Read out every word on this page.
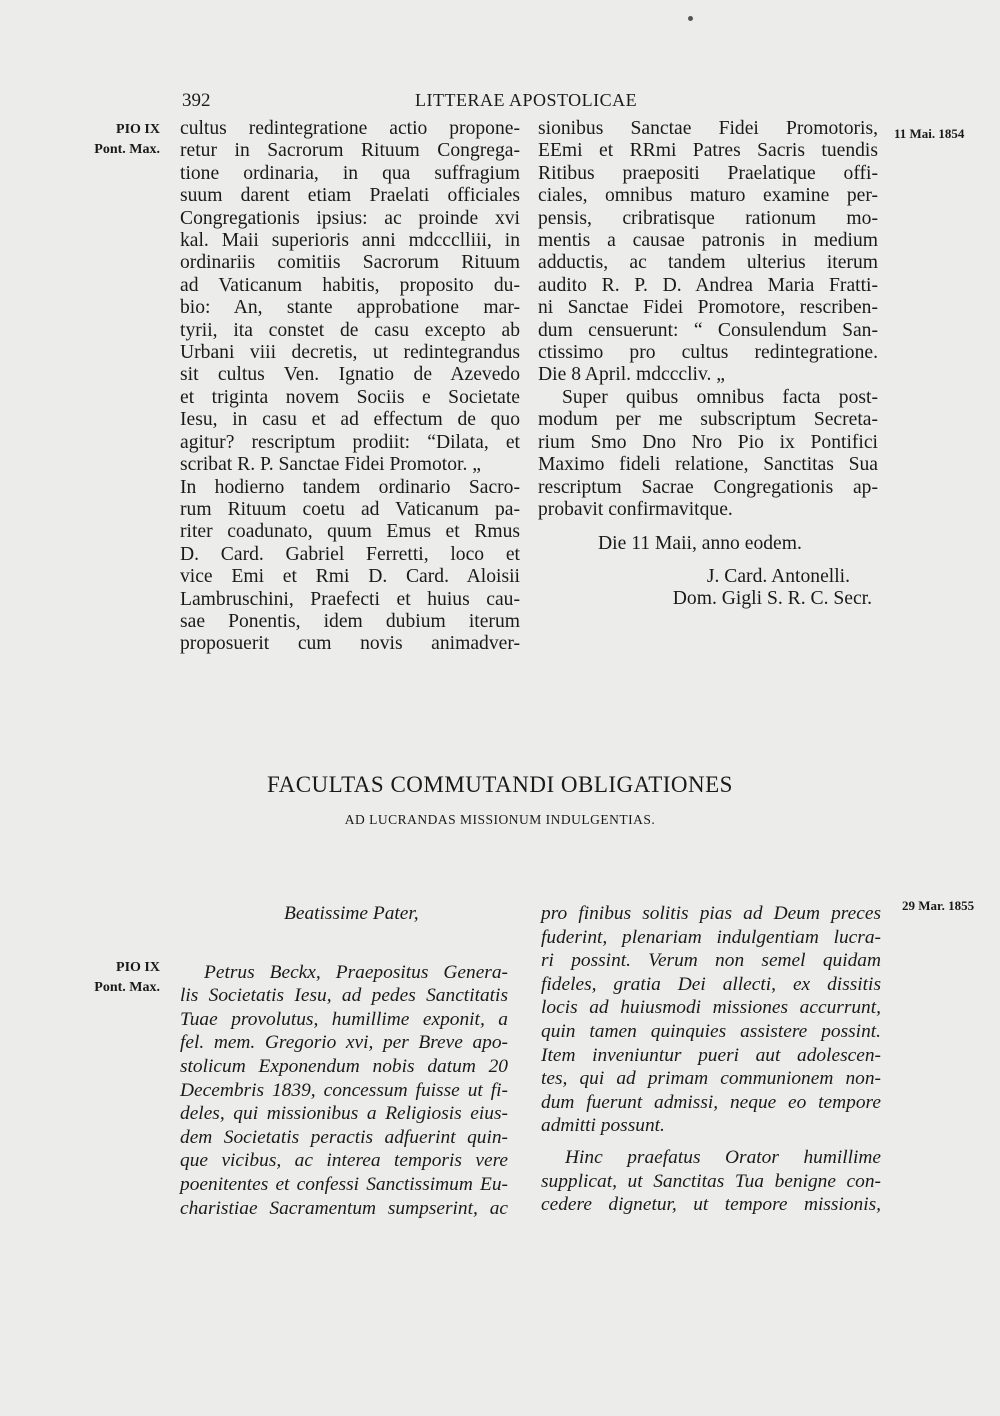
392	LITTERAE APOSTOLICAE
PIO IX
Pont. Max.
11 Mai. 1854
cultus redintegratione actio propone-
retur in Sacrorum Rituum Congrega-
tione ordinaria, in qua suffragium
suum darent etiam Praelati officiales
Congregationis ipsius: ac proinde xvi
kal. Maii superioris anni mdccclliii, in
ordinariis comitiis Sacrorum Rituum
ad Vaticanum habitis, proposito du-
bio: An, stante approbatione mar-
tyrii, ita constet de casu excepto ab
Urbani viii decretis, ut redintegrandus
sit cultus Ven. Ignatio de Azevedo
et triginta novem Sociis e Societate
Iesu, in casu et ad effectum de quo
agitur? rescriptum prodiit: “Dilata, et
scribat R. P. Sanctae Fidei Promotor. „
In hodierno tandem ordinario Sacro-
rum Rituum coetu ad Vaticanum pa-
riter coadunato, quum Emus et Rmus
D. Card. Gabriel Ferretti, loco et
vice Emi et Rmi D. Card. Aloisii
Lambruschini, Praefecti et huius cau-
sae Ponentis, idem dubium iterum
proposuerit cum novis animadver-
sionibus Sanctae Fidei Promotoris,
EEmi et RRmi Patres Sacris tuendis
Ritibus praepositi Praelatique offi-
ciales, omnibus maturo examine per-
pensis, cribratisque rationum mo-
mentis a causae patronis in medium
adductis, ac tandem ulterius iterum
audito R. P. D. Andrea Maria Fratti-
ni Sanctae Fidei Promotore, rescriben-
dum censuerunt: “ Consulendum San-
ctissimo pro cultus redintegratione.
Die 8 April. mdcccliv. „
Super quibus omnibus facta post-
modum per me subscriptum Secreta-
rium Smo Dno Nro Pio ix Pontifici
Maximo fideli relatione, Sanctitas Sua
rescriptum Sacrae Congregationis ap-
probavit confirmavitque.
Die 11 Maii, anno eodem.
J. Card. Antonelli.
Dom. Gigli S. R. C. Secr.
FACULTAS COMMUTANDI OBLIGATIONES
AD LUCRANDAS MISSIONUM INDULGENTIAS.
29 Mar. 1855
PIO IX
Pont. Max.
Beatissime Pater,
Petrus Beckx, Praepositus Genera-
lis Societatis Iesu, ad pedes Sanctitatis
Tuae provolutus, humillime exponit, a
fel. mem. Gregorio xvi, per Breve apo-
stolicum Exponendum nobis datum 20
Decembris 1839, concessum fuisse ut fi-
deles, qui missionibus a Religiosis eius-
dem Societatis peractis adfuerint quin-
que vicibus, ac interea temporis vere
poenitentes et confessi Sanctissimum Eu-
charistiae Sacramentum sumpserint, ac
pro finibus solitis pias ad Deum preces
fuderint, plenariam indulgentiam lucra-
ri possint. Verum non semel quidam
fideles, gratia Dei allecti, ex dissitis
locis ad huiusmodi missiones accurrunt,
quin tamen quinquies assistere possint.
Item inveniuntur pueri aut adolescen-
tes, qui ad primam communionem non-
dum fuerunt admissi, neque eo tempore
admitti possunt.
Hinc praefatus Orator humillime
supplicat, ut Sanctitas Tua benigne con-
cedere dignetur, ut tempore missionis,
